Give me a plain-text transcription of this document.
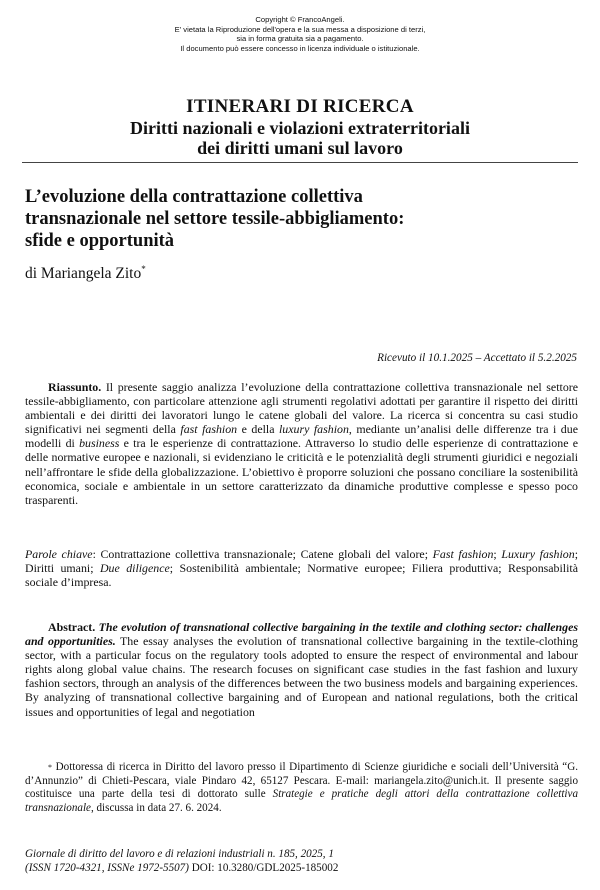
Copyright © FrancoAngeli.
E' vietata la Riproduzione dell'opera e la sua messa a disposizione di terzi,
sia in forma gratuita sia a pagamento.
Il documento può essere concesso in licenza individuale o istituzionale.
ITINERARI DI RICERCA
Diritti nazionali e violazioni extraterritoriali
dei diritti umani sul lavoro
L’evoluzione della contrattazione collettiva
transnazionale nel settore tessile-abbigliamento:
sfide e opportunità
di Mariangela Zito*
Ricevuto il 10.1.2025 – Accettato il 5.2.2025
Riassunto. Il presente saggio analizza l’evoluzione della contrattazione collettiva transnazionale nel settore tessile-abbigliamento, con particolare attenzione agli strumenti regolativi adottati per garantire il rispetto dei diritti ambientali e dei diritti dei lavoratori lungo le catene globali del valore. La ricerca si concentra su casi studio significativi nei segmenti della fast fashion e della luxury fashion, mediante un’analisi delle differenze tra i due modelli di business e tra le esperienze di contrattazione. Attraverso lo studio delle esperienze di contrattazione e delle normative europee e nazionali, si evidenziano le criticità e le potenzialità degli strumenti giuridici e negoziali nell’affrontare le sfide della globalizzazione. L’obiettivo è proporre soluzioni che possano conciliare la sostenibilità economica, sociale e ambientale in un settore caratterizzato da dinamiche produttive complesse e spesso poco trasparenti.
Parole chiave: Contrattazione collettiva transnazionale; Catene globali del valore; Fast fashion; Luxury fashion; Diritti umani; Due diligence; Sostenibilità ambientale; Normative europee; Filiera produttiva; Responsabilità sociale d’impresa.
Abstract. The evolution of transnational collective bargaining in the textile and clothing sector: challenges and opportunities. The essay analyses the evolution of transnational collective bargaining in the textile-clothing sector, with a particular focus on the regulatory tools adopted to ensure the respect of environmental and labour rights along global value chains. The research focuses on significant case studies in the fast fashion and luxury fashion sectors, through an analysis of the differences between the two business models and bargaining experiences. By analyzing of transnational collective bargaining and of European and national regulations, both the critical issues and opportunities of legal and negotiation
* Dottoressa di ricerca in Diritto del lavoro presso il Dipartimento di Scienze giuridiche e sociali dell’Università “G. d’Annunzio” di Chieti-Pescara, viale Pindaro 42, 65127 Pescara. E-mail: mariangela.zito@unich.it. Il presente saggio costituisce una parte della tesi di dottorato sulle Strategie e pratiche degli attori della contrattazione collettiva transnazionale, discussa in data 27. 6. 2024.
Giornale di diritto del lavoro e di relazioni industriali n. 185, 2025, 1
(ISSN 1720-4321, ISSNe 1972-5507) DOI: 10.3280/GDL2025-185002
